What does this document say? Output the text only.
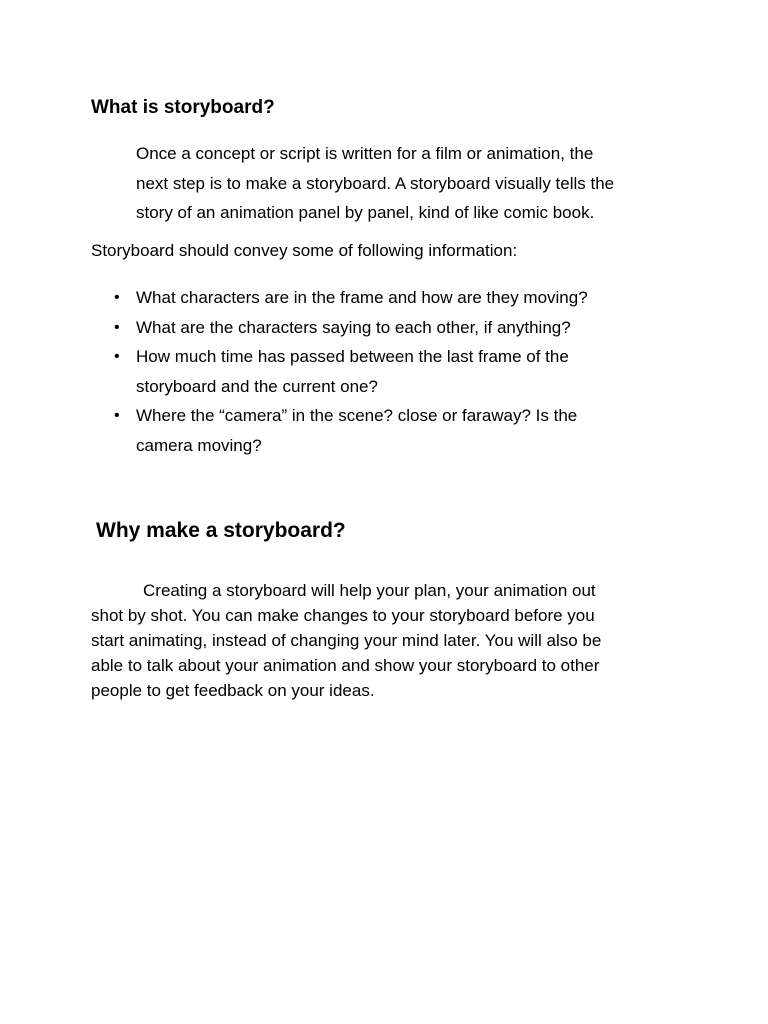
What is storyboard?

Once a concept or script is written for a film or animation, the
next step is to make a storyboard. A storyboard visually tells the
story of an animation panel by panel, kind of like comic book.

Storyboard should convey some of following information:

• What characters are in the frame and how are they moving?
• What are the characters saying to each other, if anything?
• How much time has passed between the last frame of the
storyboard and the current one?
• Where the “camera” in the scene? close or faraway? Is the
camera moving?
Why make a storyboard?

Creating a storyboard will help your plan, your animation out
shot by shot. You can make changes to your storyboard before you
start animating, instead of changing your mind later. You will also be
able to talk about your animation and show your storyboard to other
people to get feedback on your ideas.
